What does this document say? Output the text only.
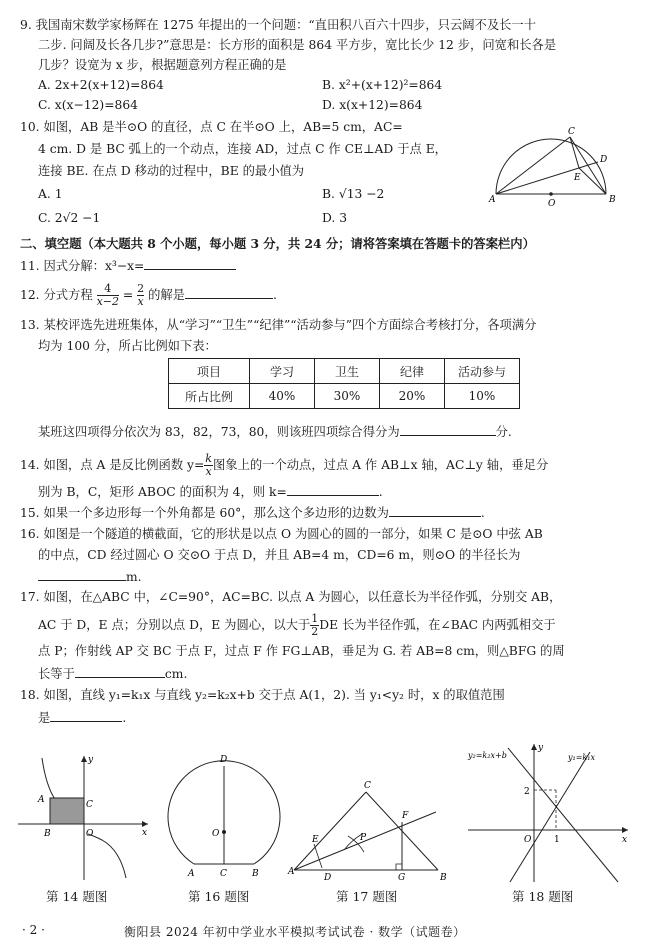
9. 我国南宋数学家杨辉在 1275 年提出的一个问题：“直田积八百六十四步，只云阔不及长一十
二步. 问阔及长各几步?”意思是：长方形的面积是 864 平方步，宽比长少 12 步，问宽和长各是
几步？设宽为 x 步，根据题意列方程正确的是
A. 2x+2(x+12)=864	B. x²+(x+12)²=864
C. x(x−12)=864	D. x(x+12)=864
10. 如图，AB 是半⊙O 的直径，点 C 在半⊙O 上，AB=5 cm，AC=
4 cm. D 是 BC 弧上的一个动点，连接 AD，过点 C 作 CE⊥AD 于点 E，
连接 BE. 在点 D 移动的过程中，BE 的最小值为
A. 1	B. √13 −2
C. 2√2 −1	D. 3
C
D
E
A	B
O
二、填空题（本大题共 8 个小题，每小题 3 分，共 24 分；请将答案填在答题卡的答案栏内）
11. 因式分解：x³−x=
12. 分式方程 $\frac{4}{x-2} = \frac{2}{x}$ 的解是	.
13. 某校评选先进班集体，从“学习”“卫生”“纪律”“活动参与”四个方面综合考核打分，各项满分
均为 100 分，所占比例如下表：
项目	学习	卫生	纪律	活动参与
所占比例	40%	30%	20%	10%
某班这四项得分依次为 83，82，73，80，则该班四项综合得分为	分.
14. 如图，点 A 是反比例函数 $y= \frac{k}{x}$ 图象上的一个动点，过点 A 作 AB⊥x 轴，AC⊥y 轴，垂足分
别为 B，C，矩形 ABOC 的面积为 4，则 k=	.
15. 如果一个多边形每一个外角都是 60°，那么这个多边形的边数为	.
16. 如图是一个隧道的横截面，它的形状是以点 O 为圆心的圆的一部分，如果 C 是⊙O 中弦 AB
的中点，CD 经过圆心 O 交⊙O 于点 D，并且 AB=4 m，CD=6 m，则⊙O 的半径长为
m.
17. 如图，在△ABC 中，∠C=90°，AC=BC. 以点 A 为圆心，以任意长为半径作弧，分别交 AB，
AC 于 D，E 点；分别以点 D，E 为圆心，以大于 $\frac{1}{2}$ DE 长为半径作弧，在∠BAC 内两弧相交于
点 P；作射线 AP 交 BC 于点 F，过点 F 作 FG⊥AB，垂足为 G. 若 AB=8 cm，则△BFG 的周
长等于	cm.
18. 如图，直线 y₁=k₁x 与直线 y₂=k₂x+b 交于点 A(1，2). 当 y₁<y₂ 时，x 的取值范围
是	.
y
x
A	C
B	O
第 14 题图
D
O
A	C	B
第 16 题图
C
F
E	P
A
D	G	B
第 17 题图
y₂=k₂x+b	y₁=k₁x
y
x
2
1
O
第 18 题图
· 2 ·	衡阳县 2024 年初中学业水平模拟考试试卷 · 数学（试题卷）
